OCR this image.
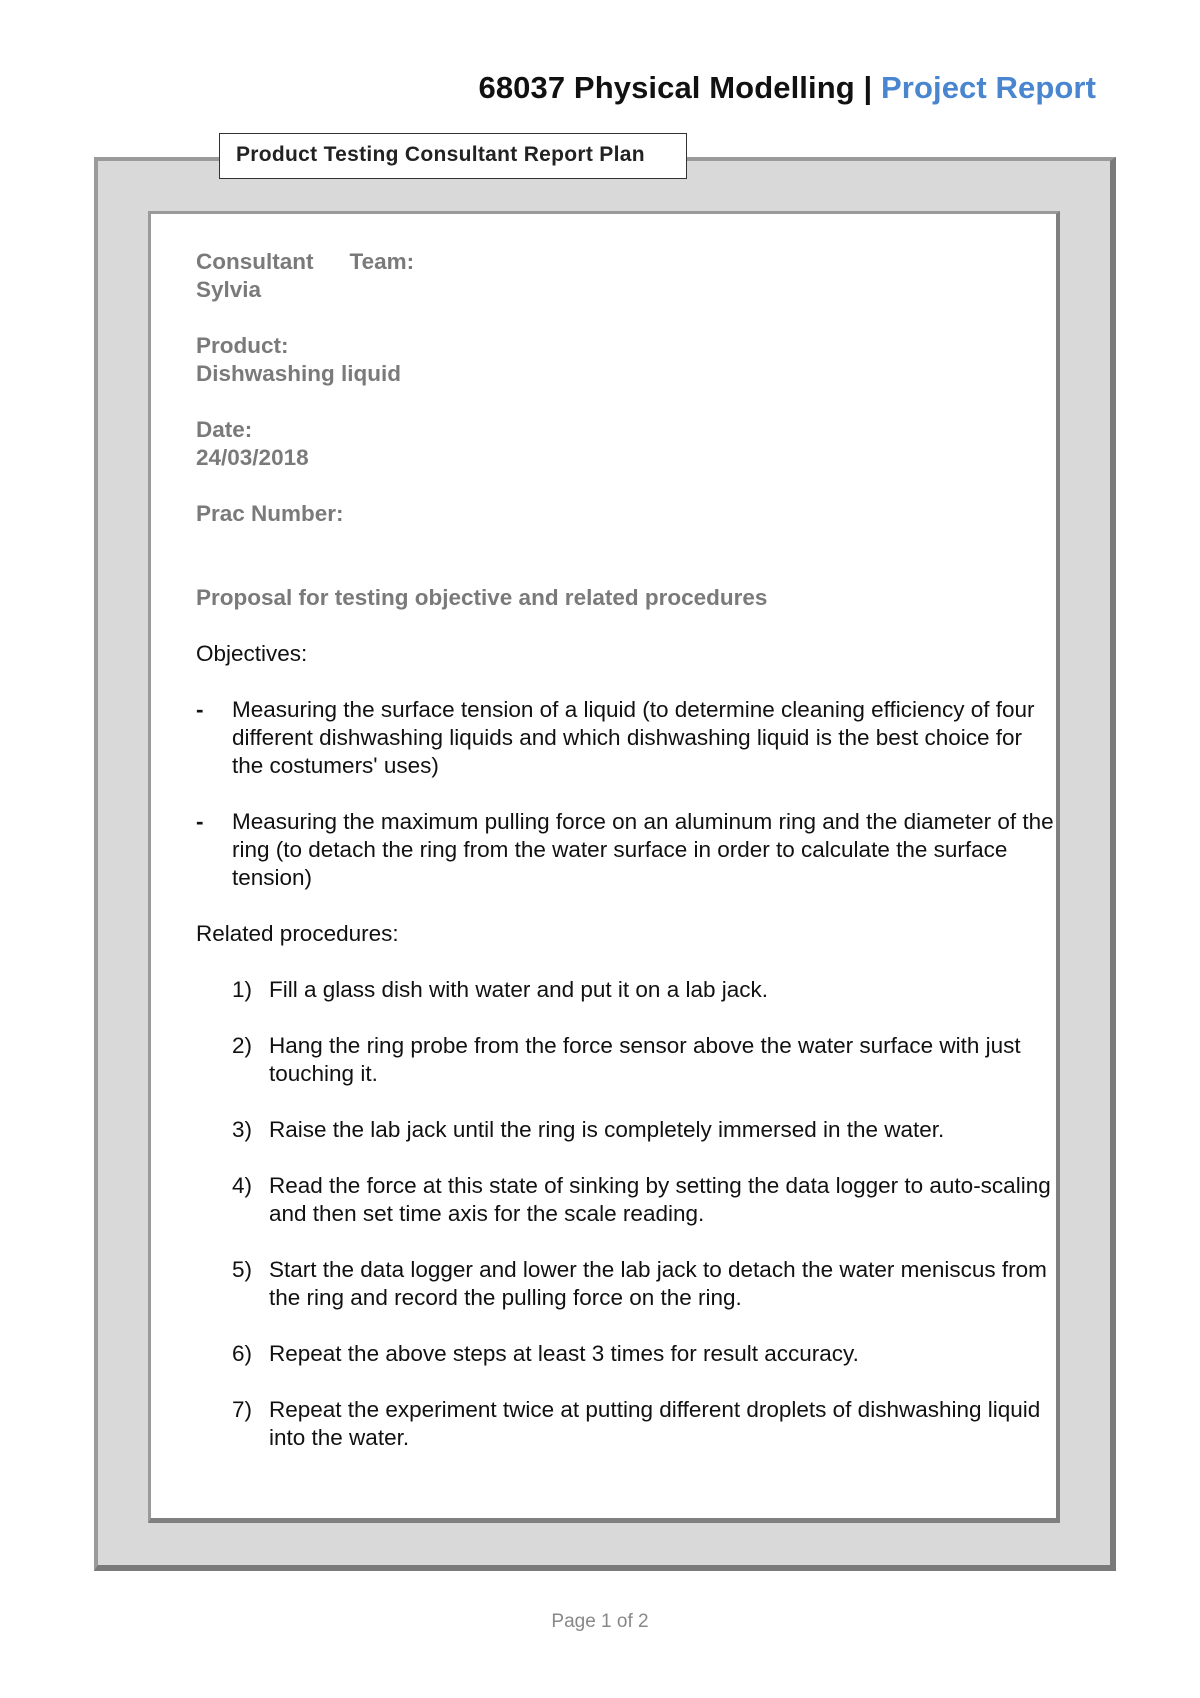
68037 Physical Modelling | Project Report
Product Testing Consultant Report Plan
Consultant Team:
Sylvia
Product:
Dishwashing liquid
Date:
24/03/2018
Prac Number:
Proposal for testing objective and related procedures
Objectives:
-	Measuring the surface tension of a liquid (to determine cleaning efficiency of four different dishwashing liquids and which dishwashing liquid is the best choice for the costumers' uses)
-	Measuring the maximum pulling force on an aluminum ring and the diameter of the ring (to detach the ring from the water surface in order to calculate the surface tension)
Related procedures:
1) Fill a glass dish with water and put it on a lab jack.
2) Hang the ring probe from the force sensor above the water surface with just touching it.
3) Raise the lab jack until the ring is completely immersed in the water.
4) Read the force at this state of sinking by setting the data logger to auto-scaling and then set time axis for the scale reading.
5) Start the data logger and lower the lab jack to detach the water meniscus from the ring and record the pulling force on the ring.
6) Repeat the above steps at least 3 times for result accuracy.
7) Repeat the experiment twice at putting different droplets of dishwashing liquid into the water.
Page 1 of 2
